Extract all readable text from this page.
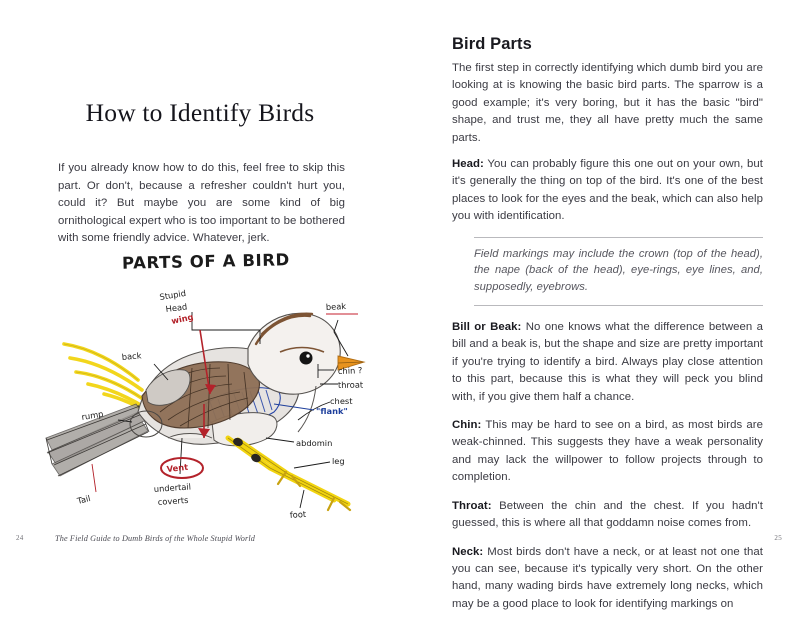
How to Identify Birds

If you already know how to do this, feel free to skip this part. Or don't, because a refresher couldn't hurt you, could it? But maybe you are some kind of big ornithological expert who is too important to be bothered with some friendly advice. Whatever, jerk.

PARTS OF A BIRD
Stupid
Head	beak
chin ?
throat
chest
"flank"
abdomin
leg
foot
Vent
undertail
coverts
Tail
rump
back
wing
The Field Guide to Dumb Birds of the Whole Stupid World
24
Bird Parts

The first step in correctly identifying which dumb bird you are looking at is knowing the basic bird parts. The sparrow is a good example; it's very boring, but it has the basic "bird" shape, and trust me, they all have pretty much the same parts.

Head: You can probably figure this one out on your own, but it's generally the thing on top of the bird. It's one of the best places to look for the eyes and the beak, which can also help you with identification.

Field markings may include the crown (top of the head), the nape (back of the head), eye-rings, eye lines, and, supposedly, eyebrows.

Bill or Beak: No one knows what the difference between a bill and a beak is, but the shape and size are pretty important if you're trying to identify a bird. Always play close attention to this part, because this is what they will peck you blind with, if you give them half a chance.

Chin: This may be hard to see on a bird, as most birds are weak-chinned. This suggests they have a weak personality and may lack the willpower to follow projects through to completion.

Throat: Between the chin and the chest. If you hadn't guessed, this is where all that goddamn noise comes from.

Neck: Most birds don't have a neck, or at least not one that you can see, because it's typically very short. On the other hand, many wading birds have extremely long necks, which may be a good place to look for identifying markings on

25
